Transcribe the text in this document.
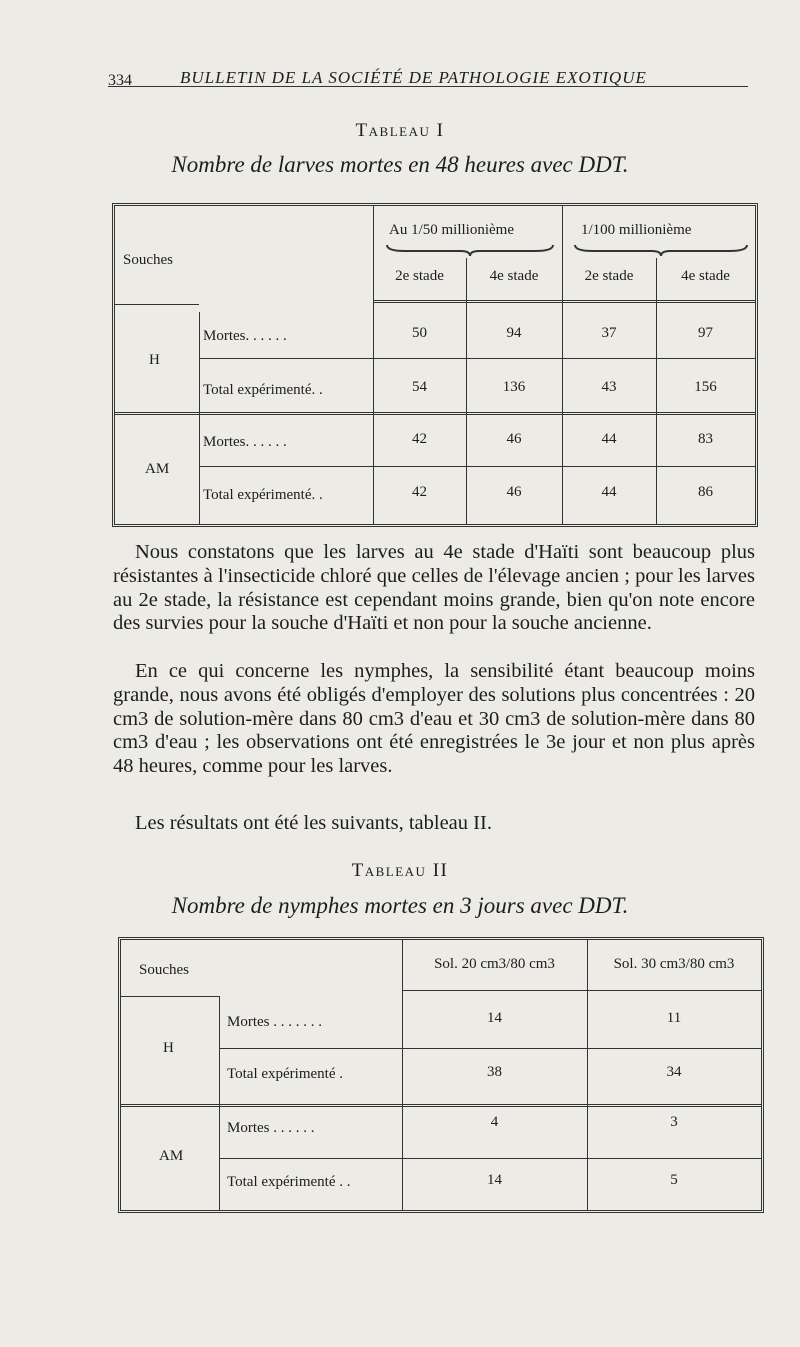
334	BULLETIN DE LA SOCIÉTÉ DE PATHOLOGIE EXOTIQUE
Tableau I
Nombre de larves mortes en 48 heures avec DDT.
Souches
Au 1/50 millionième	1/100 millionième
2e stade	4e stade	2e stade	4e stade
H
Mortes. . . . . .	50	94	37	97
Total expérimenté. .	54	136	43	156
AM
Mortes. . . . . .	42	46	44	83
Total expérimenté. .	42	46	44	86

Nous constatons que les larves au 4e stade d'Haïti sont beaucoup plus résistantes à l'insecticide chloré que celles de l'élevage ancien ; pour les larves au 2e stade, la résistance est cependant moins grande, bien qu'on note encore des survies pour la souche d'Haïti et non pour la souche ancienne.

En ce qui concerne les nymphes, la sensibilité étant beaucoup moins grande, nous avons été obligés d'employer des solutions plus concentrées : 20 cm3 de solution-mère dans 80 cm3 d'eau et 30 cm3 de solution-mère dans 80 cm3 d'eau ; les observations ont été enregistrées le 3e jour et non plus après 48 heures, comme pour les larves.

Les résultats ont été les suivants, tableau II.

Tableau II
Nombre de nymphes mortes en 3 jours avec DDT.
Souches	Sol. 20 cm3/80 cm3	Sol. 30 cm3/80 cm3
H
Mortes . . . . . . .	14	11
Total expérimenté .	38	34
AM
Mortes . . . . . .	4	3
Total expérimenté . .	14	5
